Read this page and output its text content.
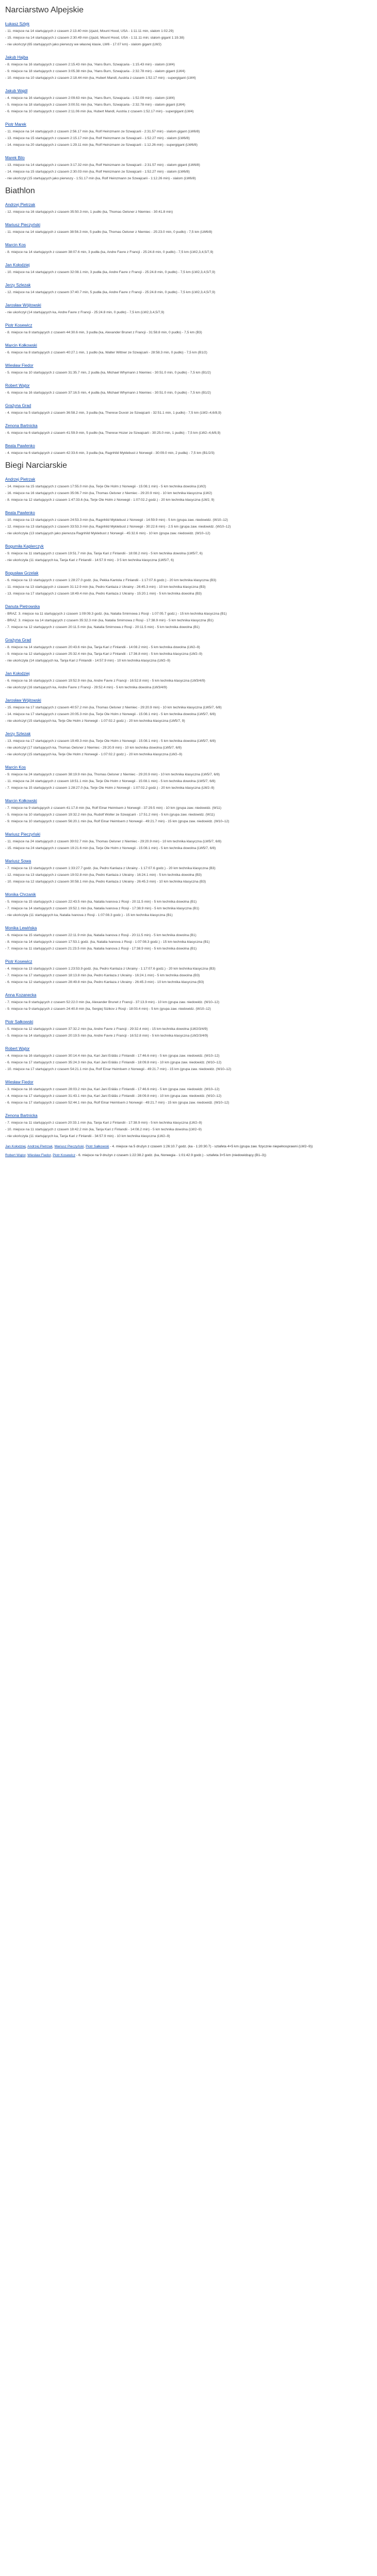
Narciarstwo Alpejskie
Łukasz Szlęk
- 11. miejsce na 14 startujących z czasem 2:13.40 min (zjazd, Mount Hood, USA - 1:11.11 min, slalom 1:02.29)
- 15. miejsce na 14 startujących z czasem 2:30.49 min (zjazd, Mount Hood, USA - 1:11.11 min; slalom gigant 1:19.38)
- nie ukończył (65 startujących jako pierwszy we własnej klasie, LW6 - 17.07 km) - slalom gigant (LW2)
Jakub Hajba
- 8. miejsce na 16 startujących z czasem 2:15.43 min (ka, 'Hans Burn, Szwajcaria - 1:15.43 min) - slalom (LW4)
- 9. miejsce na 18 startujących z czasem 3:05.38 min (ka, 'Hans Burn, Szwajcaria - 2:32.78 min) - slalom gigant (LW4)
- 10. miejsce na 10 startujących z czasem 2:18.44 min (ka, Hubert Mandl, Austria z czasem 1:52.17 min) - supergigant (LW4)
Jakub Wajdl
- 4. miejsce na 16 startujących z czasem 2:09.63 min (ka, 'Hans Burn, Szwajcaria - 1:52.09 min) - slalom (LW4)
- 5. miejsce na 18 startujących z czasem 3:00.51 min (ka, 'Hans Burn, Szwajcaria - 2:32.78 min) - slalom gigant (LW4)
- 6. miejsce na 10 startujących z czasem 2:11.06 min (ka, Hubert Mandl, Austria z czasem 1:52.17 min) - supergigant (LW4)
Piotr Marek
- 11. miejsce na 14 startujących z czasem 2:56.17 min (ka, Rolf Heinzmann ze Szwajcarii - 2:31.57 min) - slalom gigant (LW6/8)
- 13. miejsce na 15 startujących z czasem 2:15.17 min (ka, Rolf Heinzmann ze Szwajcarii - 1:52.27 min) - slalom (LW6/8)
- 14. miejsce na 20 startujących z czasem 1:29.11 min (ka, Rolf Heinzmann ze Szwajcarii - 1:12.26 min) - supergigant (LW6/8)
Marek Bilo
- 13. miejsce na 14 startujących z czasem 3:17.32 min (ka, Rolf Heinzmann ze Szwajcarii - 2:31.57 min) - slalom gigant (LW6/8)
- 14. miejsce na 15 startujących z czasem 2:30.03 min (ka, Rolf Heinzmann ze Szwajcarii - 1:52.27 min) - slalom (LW6/8)
- nie ukończył (15 startujących jako pierwszy - 1:51.17 min (ka, Rolf Heinzmann ze Szwajcarii - 1:12.26 min) - slalom (LW6/8)
Biathlon
Andrzej Pietrzak
- 12. miejsce na 16 startujących z czasem 35:50.3 min, 1 pudło (ka, Thomas Oelsner z Niemiec - 30:41.8 min)
Mariusz Pieczyński
- 11. miejsce na 14 startujących z czasem 38:56.3 min, 5 pudło (ka, Thomas Oelsner z Niemiec - 25:23.0 min, 0 pudło) - 7,5 km (LW6/8)
Marcin Kos
- 8. miejsce na 14 startujących z czasem 38:07.6 min, 3 pudła (ka, Andre Favre z Francji - 25:24.8 min, 0 pudło) - 7,5 km (LW2,3,4,5/7,9)
Jan Kołodziej
- 10. miejsce na 14 startujących z czasem 32:08.1 min, 3 pudła (ka, Andre Favre z Francji - 25:24.8 min, 0 pudło) - 7,5 km (LW2,3,4,5/7,9)
Jerzy Szlezak
- 12. miejsce na 14 startujących z czasem 37:40.7 min, 5 pudła (ka, Andre Favre z Francji - 25:24.8 min, 0 pudło) - 7,5 km (LW2,3,4,5/7,9)
Jarosław Wójtowski
- nie ukończył (14 startujących ka, Andre Favre z Francji - 25:24.8 min, 0 pudło) - 7,5 km (LW2,3,4,5/7,9)
Piotr Kosewicz
- 8. miejsce na 8 startujących z czasem 44:30.6 min, 3 pudła (ka, Alexander Brunet z Francji - 31:58.8 min, 0 pudło) - 7,5 km (B3)
Marcin Kołkowski
- 6. miejsce na 8 startujących z czasem 40:27.1 min, 1 pudło (ka, Walter Wittner ze Szwajcarii - 28:58.3 min, 0 pudło) - 7,5 km (B1/2)
Wiesław Fiedor
- 5. miejsce na 10 startujących z czasem 31:35.7 min, 2 pudła (ka, Michael Whymann z Niemiec - 30:51.0 min, 0 pudło) - 7,5 km (B1/2)
Robert Wątor
- 6. miejsce na 16 startujących z czasem 37:16.5 min, 4 pudła (ka, Michael Whymann z Niemiec - 30:51.0 min, 0 pudło) - 7,5 km (B1/2)
Grażyna Grad
- 4. miejsce na 5 startujących z czasem 36:58.2 min, 3 pudła (ka, Therese Duvoir ze Szwajcarii - 32:51.1 min, 1 pudło) - 7,5 km (LW2–4,6/8,9)
Zenona Bartnicka
- 6. miejsce na 6 startujących z czasem 41:59.9 min, 5 pudło (ka, Therese Hozer ze Szwajcarii - 30:25.0 min, 1 pudło) - 7,5 km (LW2–4,6/8,9)
Beata Pawlenko
- 4. miejsce na 6 startujących z czasem 42:33.6 min, 3 pudła (ka, Ragnhild Myklebust z Norwegii - 30:09.0 min, 2 pudła) - 7,5 km (B1/2/3)
Biegi Narciarskie
Andrzej Pietrzak
- 14. miejsce na 15 startujących z czasem 17:55.0 min (ka, Terje Ole Holm z Norwegii - 15:08.1 min) - 5 km technika dowolna (LW2)
- 16. miejsce na 16 startujących z czasem 35:06.7 min (ka, Thomas Oelsner z Niemiec - 29:20.9 min) - 10 km technika klasyczna (LW2)
- 8. miejsce na 12 startujących z czasem 1:47:33.6 (ka, Terje Ole Holm z Norwegii - 1:07:02.2 godz.) - 20 km technika klasyczna (LW2, 9)
Beata Pawlenko
- 10. miejsce na 13 startujących z czasem 24:53.3 min (ka, Ragnhild Myklebust z Norwegii - 14:59.9 min) - 5 km (grupa zaw. niedowidz. (W10–12)
- 12. miejsce na 13 startujących z czasem 33:53.3 min (ka, Ragnhild Myklebust z Norwegii - 30:22.6 min) - 2.5 km (grupa zaw. niedowidz. (W10–12)
- nie ukończyła (13 startujących jako pierwsza Ragnhild Myklebust z Norwegii - 45:32.6 min) - 10 km (grupa zaw. niedowidz. (W10–12)
Bogumiła Kaplerczyk
- 9. miejsce na 11 startujących z czasem 19:51.7 min (ka, Tanja Kari z Finlandii - 18:08.2 min) - 5 km technika dowolna (LW5/7, 6)
- nie ukończyła (11 startujących ka, Tanja Kari z Finlandii - 14:57.9 min) - 3 5 km technika klasyczna (LW5/7, 6)
Bogusław Grzelak
- 6. miejsce na 13 startujących z czasem 1:28:27.0 godz. (ka, Pekka Kantola z Finlandii - 1:17:07.6 godz.) - 20 km technika klasyczna (B3)
- 11. miejsce na 13 startujących z czasem 31:12.9 min (ka, Pedro Kanlaza z Ukrainy - 26:45.3 min) - 10 km technika klasyczna (B3)
- 13. miejsce na 17 startujących z czasem 18:49.4 min (ka, Pedro Kanlaza z Ukrainy - 15:20.1 min) - 5 km technika dowolna (B3)
Danuta Pietrowska
- BRAZ. 3. miejsce na 11 startujących z czasem 1:09:09.3 godz. (ka, Natalia Smirnowa z Rosji - 1:07:05.7 godz.) - 15 km technika klasyczna (B1)
- BRAZ. 3. miejsce na 14 startujących z czasem 35:32.3 min (ka, Natalia Smirnowa z Rosji - 17:38.9 min) - 5 km technika klasyczna (B1)
- 7. miejsce na 12 startujących z czasem 20:11.5 min (ka, Natalia Smirnowa z Rosji - 20:11.5 min) - 5 km technika dowolna (B1)
Grażyna Grad
- 8. miejsce na 14 startujących z czasem 20:43.6 min (ka, Tanja Kari z Finlandii - 14:08.2 min) - 5 km technika dowolna (LW2–9)
- 9. miejsce na 12 startujących z czasem 25:32.4 min (ka, Tanja Kari z Finlandii - 17:36.8 min) - 5 km technika klasyczna (LW2–9)
- nie ukończyła (14 startujących ka, Tanja Kari z Finlandii - 14:57.9 min) - 10 km technika klasyczna (LW2–9)
Jan Kołodziej
- 6. miejsce na 16 startujących z czasem 19:52.9 min (ka, Andre Favre z Francji - 16:52.8 min) - 5 km technika klasyczna (LW3/4/9)
- nie ukończył (16 startujących ka, Andre Favre z Francji - 29:52.4 min) - 5 km technika dowolna (LW3/4/9)
Jarosław Wójtowski
- 15. miejsce na 17 startujących z czasem 40:57.2 min (ka, Thomas Oelsner z Niemiec - 29:20.9 min) - 10 km technika klasyczna (LW5/7, 6/8)
- 14. miejsce na 17 startujących z czasem 20:05.3 min (ka, Terje Ole Holm z Norwegii - 15:08.1 min) - 5 km technika dowolna (LW5/7, 6/8)
- nie ukończył (15 startujących ka, Terje Ole Holm z Norwegii - 1:07:02.2 godz.) - 20 km technika klasyczna (LW5/7, 9)
Jerzy Szlezak
- 13. miejsce na 17 startujących z czasem 19:49.3 min (ka, Terje Ole Holm z Norwegii - 15:08.1 min) - 5 km technika dowolna (LW5/7, 6/8)
- nie ukończył (17 startujących ka, Thomas Oelsner z Niemiec - 29:20.9 min) - 10 km technika dowolna (LW5/7, 6/8)
- nie ukończył (15 startujących ka, Terje Ole Holm z Norwegii - 1:07:02.2 godz.) - 20 km technika klasyczna (LW2–9)
Marcin Kos
- 9. miejsce na 24 startujących z czasem 38:19.9 min (ka, Thomas Oelsner z Niemiec - 29:20.9 min) - 10 km technika klasyczna (LW5/7, 6/8)
- 11. miejsce na 24 startujących z czasem 18:51.1 min (ka, Terje Ole Holm z Norwegii - 15:08.1 min) - 5 km technika dowolna (LW5/7, 6/8)
- 7. miejsce na 15 startujących z czasem 1:28:27.0 (ka, Terje Ole Holm z Norwegii - 1:07:02.2 godz.) - 20 km technika klasyczna (LW2–9)
Marcin Kołkowski
- 7. miejsce na 9 startujących z czasem 41:17.8 min (ka, Rolf Einar Heimlsem z Norwegii - 37:29.5 min) - 10 km (grupa zaw. niedowidz. (W11)
- 5. miejsce na 10 startujących z czasem 19:32.2 min (ka, Rudolf Wolter ze Szwajcarii - 17:51.2 min) - 5 km (grupa zaw. niedowidz. (W11)
- 9. miejsce na 10 startujących z czasem 56:20.1 min (ka, Rolf Einar Heimlsem z Norwegii - 49:21.7 min) - 15 km (grupa zaw. niedowidz. (W10–12)
Mariusz Pieczyński
- 11. miejsce na 24 startujących z czasem 39:02.7 min (ka, Thomas Oelsner z Niemiec - 29:20.9 min) - 10 km technika klasyczna (LW5/7, 6/8)
- 15. miejsce na 24 startujących z czasem 19:21.6 min (ka, Terje Ole Holm z Norwegii - 15:08.1 min) - 5 km technika dowolna (LW5/7, 6/8)
Mariusz Sowa
- 7. miejsce na 13 startujących z czasem 1:33:27.7 godz. (ka, Pedro Kanlaza z Ukrainy - 1:17:07.6 godz.) - 20 km technika klasyczna (B3)
- 12. miejsce na 13 startujących z czasem 19:02.8 min (ka, Pedro Kanlaza z Ukrainy - 16:24.1 min) - 5 km technika dowolna (B3)
- 10. miejsce na 12 startujących z czasem 30:58.1 min (ka, Pedro Kanlaza z Ukrainy - 26:45.3 min) - 10 km technika klasyczna (B3)
Monika Chrzanik
- 5. miejsce na 15 startujących z czasem 22:43.5 min (ka, Natalia Ivanova z Rosji - 20:11.5 min) - 5 km technika dowolna (B1)
- 7. miejsce na 14 startujących z czasem 19:52.1 min (ka, Natalia Ivanova z Rosji - 17:38.9 min) - 5 km technika klasyczna (B1)
- nie ukończyła (11 startujących ka, Natalia Ivanova z Rosji - 1:07:08.3 godz.) - 15 km technika klasyczna (B1)
Monika Lewińska
- 6. miejsce na 15 startujących z czasem 22:11.9 min (ka, Natalia Ivanova z Rosji - 20:11.5 min) - 5 km technika dowolna (B1)
- 8. miejsce na 14 startujących z czasem 17:53.1 godz. (ka, Natalia Ivanova z Rosji - 1:07:08.3 godz.) - 15 km technika klasyczna (B1)
- 7. miejsce na 11 startujących z czasem 21:23.5 min (ka, Natalia Ivanova z Rosji - 17:38.9 min) - 5 km technika dowolna (B1)
Piotr Kosewicz
- 4. miejsce na 13 startujących z czasem 1:23:53.9 godz. (ka, Pedro Kanlaza z Ukrainy - 1:17:07.6 godz.) - 20 km technika klasyczna (B3)
- 7. miejsce na 17 startujących z czasem 18:13.8 min (ka, Pedro Kanlaza z Ukrainy - 16:24.1 min) - 5 km technika dowolna (B3)
- 6. miejsce na 12 startujących z czasem 28:49.8 min (ka, Pedro Kanlaza z Ukrainy - 26:45.3 min) - 10 km technika klasyczna (B3)
Anna Kozanecka
- 7. miejsce na 8 startujących z czasem 52:22.0 min (ka, Alexander Brunet z Francji - 37:13.9 min) - 10 km (grupa zaw. niedowidz. (W10–12)
- 9. miejsce na 9 startujących z czasem 24:40.8 min (ka, Sergiej Sizikov z Rosji - 18:03.4 min) - 5 km (grupa zaw. niedowidz. (W10–12)
Piotr Sałkowski
- 5. miejsce na 12 startujących z czasem 37:32.2 min (ka, Andre Favre z Francji - 29:32.4 min) - 15 km technika dowolna (LW2/3/4/9)
- 5. miejsce na 14 startujących z czasem 20:19.5 min (ka, Andre Favre z Francji - 16:52.8 min) - 5 km technika klasyczna (LW2/3/4/9)
Robert Wątor
- 4. miejsce na 16 startujących z czasem 30:14.4 min (ka, Kari Jani Eräläs z Finlandii - 17:46.6 min) - 5 km (grupa zaw. niedowidz. (W10–12)
- 6. miejsce na 17 startujących z czasem 35:24.3 min (ka, Kari Jani Eräläs z Finlandii - 18:09.8 min) - 10 km (grupa zaw. niedowidz. (W10–12)
- 10. miejsce na 17 startujących z czasem 54:21.1 min (ka, Rolf Einar Heimlsem z Norwegii - 49:21.7 min) - 15 km (grupa zaw. niedowidz. (W10–12)
Wiesław Fiedor
- 3. miejsce na 16 startujących z czasem 28:03.2 min (ka, Kari Jani Eräläs z Finlandii - 17:46.6 min) - 5 km (grupa zaw. niedowidz. (W10–12)
- 4. miejsce na 17 startujących z czasem 31:43.1 min (ka, Kari Jani Eräläs z Finlandii - 28:09.8 min) - 10 km (grupa zaw. niedowidz. (W10–12)
- 6. miejsce na 17 startujących z czasem 52:44.1 min (ka, Rolf Einar Heimlsem z Norwegii - 49:21.7 min) - 15 km (grupa zaw. niedowidz. (W10–12)
Zenona Bartnicka
- 7. miejsce na 11 startujących z czasem 20:33.1 min (ka, Tanja Kari z Finlandii - 17:38.9 min) - 5 km technika klasyczna (LW2–9)
- 10. miejsce na 11 startujących z czasem 18:42.2 min (ka, Tanja Kari z Finlandii - 14:08.2 min) - 5 km technika dowolna (LW2–9)
- nie ukończyła (11 startujących ka, Tanja Kari z Finlandii - 34:57.9 min) - 10 km technika klasyczna (LW2–9)
Jan Kołodziej, Andrzej Pietrzak, Mariusz Pieczyński, Piotr Sałkowski - 4. miejsce na 5 drużyn z czasem 1:26:10.7 godz. (ka - 1:20:30.7) - sztafeta 4×5 km (grupa zaw. fizycznie niepełnosprawni (LW2–9))
Robert Wątor, Wiesław Fiedor, Piotr Kosewicz - 6. miejsce na 9 drużyn z czasem 1:22:38.2 godz. (ka, Norwegia - 1:01:42.9 godz.) - sztafeta 3×5 km (niedowidzący (B1–3))
